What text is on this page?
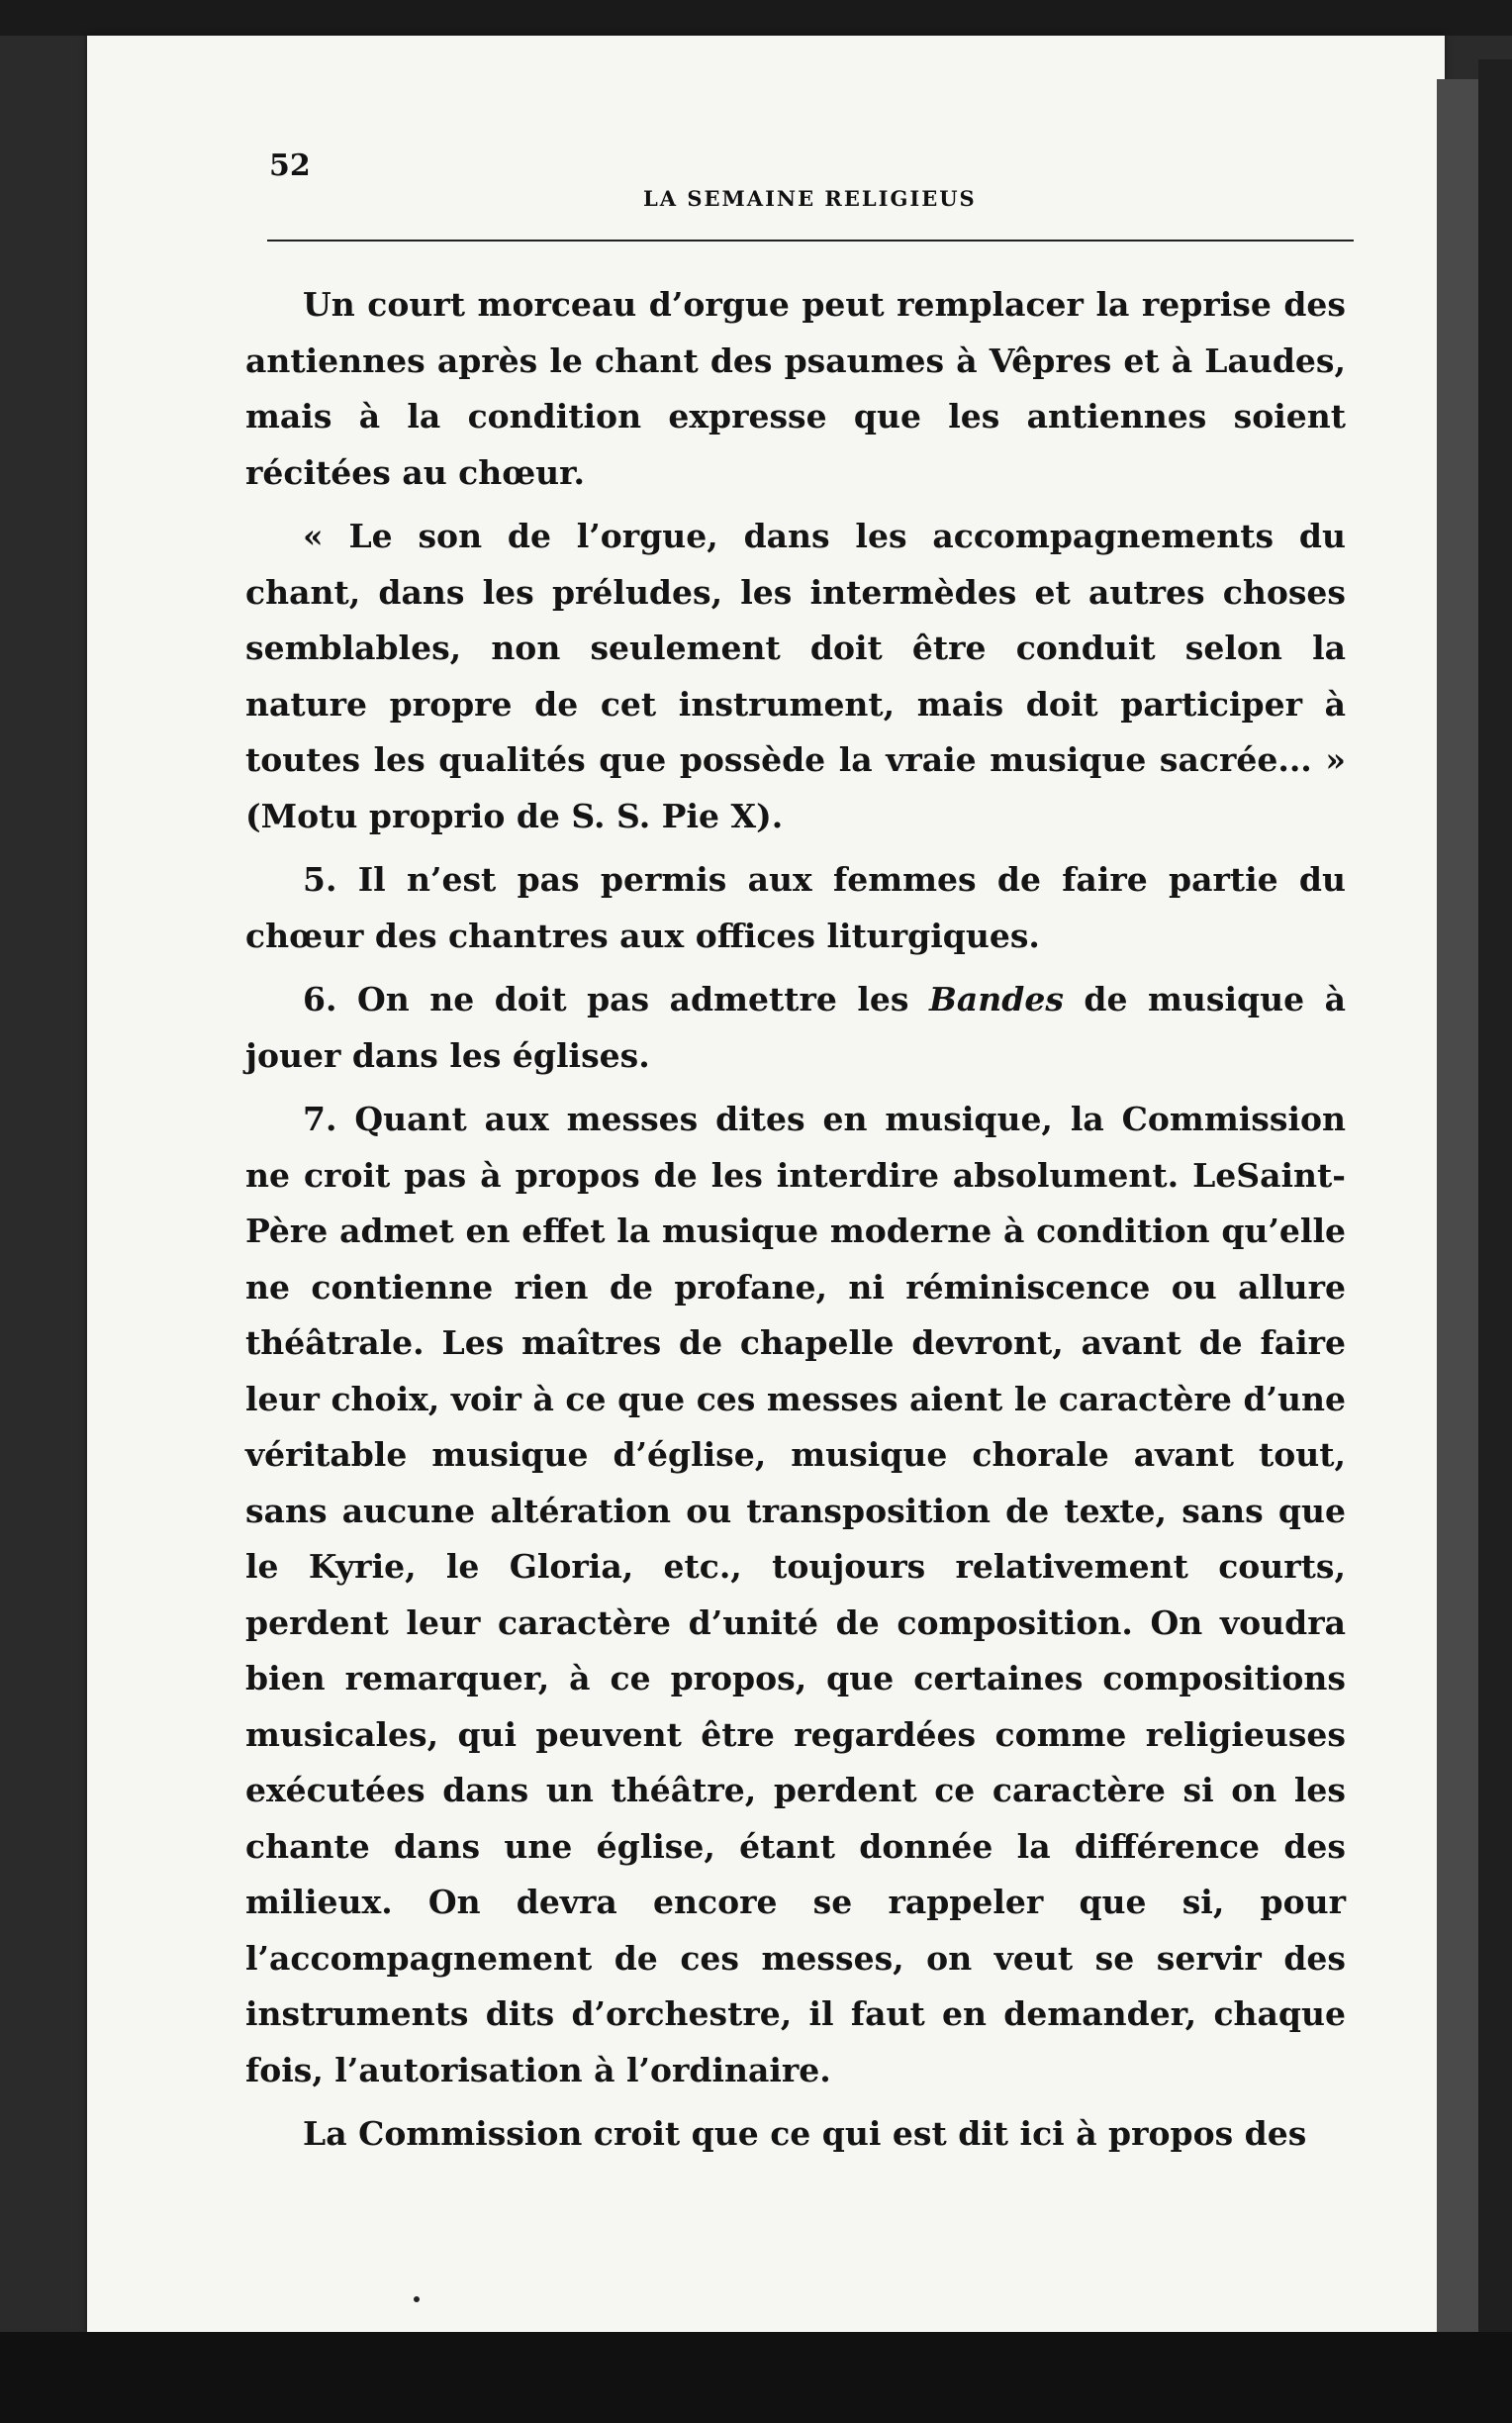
52
LA SEMAINE RELIGIEUS

Un court morceau d’orgue peut remplacer la reprise des antiennes après le chant des psaumes à Vêpres et à Laudes, mais à la condition expresse que les antiennes soient récitées au chœur.

« Le son de l’orgue, dans les accompagnements du chant, dans les préludes, les intermèdes et autres choses semblables, non seulement doit être conduit selon la nature propre de cet instrument, mais doit participer à toutes les qualités que possède la vraie musique sacrée... » (Motu proprio de S. S. Pie X).

5. Il n’est pas permis aux femmes de faire partie du chœur des chantres aux offices liturgiques.

6. On ne doit pas admettre les Bandes de musique à jouer dans les églises.

7. Quant aux messes dites en musique, la Commission ne croit pas à propos de les interdire absolument. LeSaint-Père admet en effet la musique moderne à condition qu’elle ne contienne rien de profane, ni réminiscence ou allure théâtrale. Les maîtres de chapelle devront, avant de faire leur choix, voir à ce que ces messes aient le caractère d’une véritable musique d’église, musique chorale avant tout, sans aucune altération ou transposition de texte, sans que le Kyrie, le Gloria, etc., toujours relativement courts, perdent leur caractère d’unité de composition. On voudra bien remarquer, à ce propos, que certaines compositions musicales, qui peuvent être regardées comme religieuses exécutées dans un théâtre, perdent ce caractère si on les chante dans une église, étant donnée la différence des milieux. On devra encore se rappeler que si, pour l’accompagnement de ces messes, on veut se servir des instruments dits d’orchestre, il faut en demander, chaque fois, l’autorisation à l’ordinaire.

La Commission croit que ce qui est dit ici à propos des
